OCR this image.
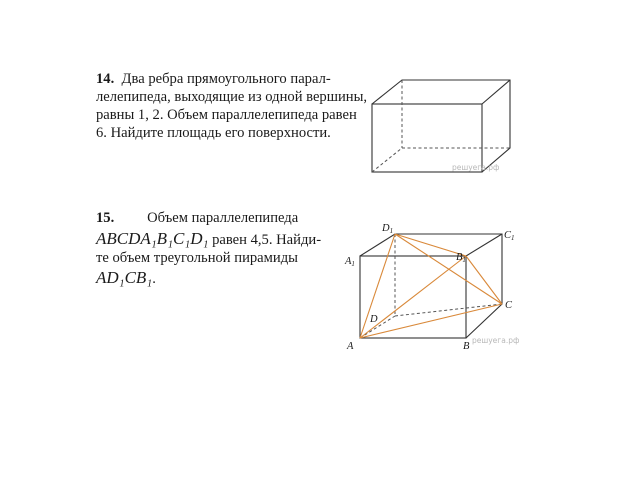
14. Два ребра прямоугольного парал-
лелепипеда, выходящие из одной вершины,
равны 1, 2. Объем параллелепипеда равен
6. Найдите площадь его поверхности.
решуега.рф
15. Объем параллелепипеда
ABCDA₁B₁C₁D₁ равен 4,5. Найди-
те объем треугольной пирамиды
AD₁CB₁.
D1	C1
A1
B1
C
D
A	B
решуега.рф
